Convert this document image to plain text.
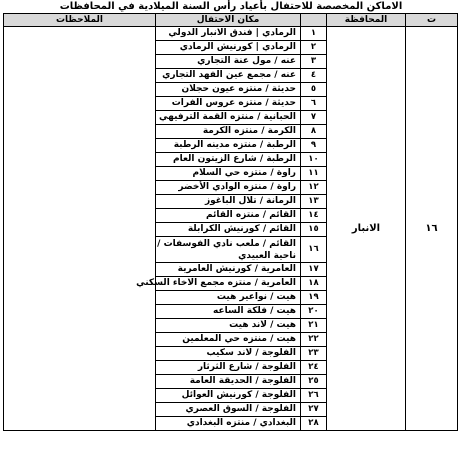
الاماكن المخصصة للاحتفال بأعياد رأس السنة الميلادية في المحافظات
ت	المحافظة		مكان الاحتفال	الملاحظات
١٦	الانبار	١	الرمادي | فندق الانبار الدولي	
		٢	الرمادي | كورنيش الرمادي	
		٣	عنه / مول عنة التجاري	
		٤	عنه / مجمع عين الفهد التجاري	
		٥	حديثة / منتزه عيون حجلان	
		٦	حديثة / منتزه عروس الفرات	
		٧	الحبانية / منتزه القمة الترفيهي	
		٨	الكرمة / منتزه الكرمة	
		٩	الرطبة / منتزه مدينه الرطبة	
		١٠	الرطبة / شارع الزيتون العام	
		١١	راوة / منتزه حي السلام	
		١٢	راوة / منتزه الوادي الأخضر	
		١٣	الرمانة / تلال الباغوز	
		١٤	القائم / منتزه القائم	
		١٥	القائم / كورنيش الكرابلة	
		١٦	القائم / ملعب نادي الفوسفات / ناحية العبيدي	
		١٧	العامرية / كورنيش العامرية	
		١٨	العامرية / منتزه مجمع الاخاء السكني	
		١٩	هيت / نواعير هيت	
		٢٠	هيت / فلكة الساعه	
		٢١	هيت / لاند هيت	
		٢٢	هيت / منتزه حي المعلمين	
		٢٣	الفلوجة / لاند سكيب	
		٢٤	الفلوجة / شارع الثرثار	
		٢٥	الفلوجة / الحديقة العامة	
		٢٦	الفلوجة / كورنيش العوائل	
		٢٧	الفلوجة / السوق العصري	
		٢٨	البغدادي / منتزه البغدادي	
